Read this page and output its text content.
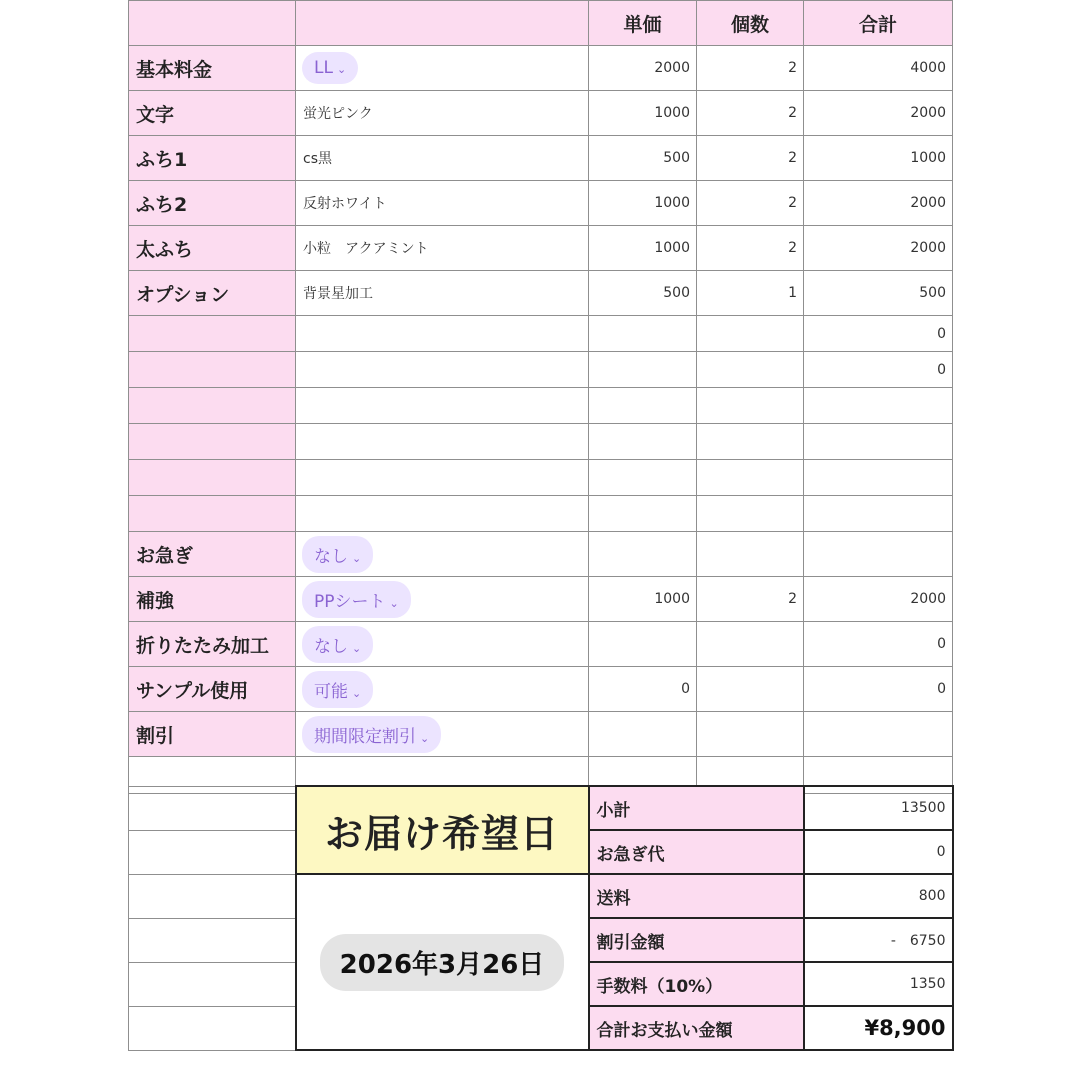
		単価	個数	合計
基本料金	LL ⌄	2000	2	4000
文字	蛍光ピンク	1000	2	2000
ふち1	cs黒	500	2	1000
ふち2	反射ホワイト	1000	2	2000
太ふち	小粒　アクアミント	1000	2	2000
オプション	背景星加工	500	1	500
				0
				0

お急ぎ	なし ⌄			
補強	PPシート ⌄	1000	2	2000
折りたたみ加工	なし ⌄			0
サンプル使用	可能 ⌄	0		0
割引	期間限定割引 ⌄			

	お届け希望日	小計	13500
		お急ぎ代	0
	2026年3月26日	送料	800
		割引金額	-　6750
		手数料（10%）	1350
		合計お支払い金額	¥8,900
